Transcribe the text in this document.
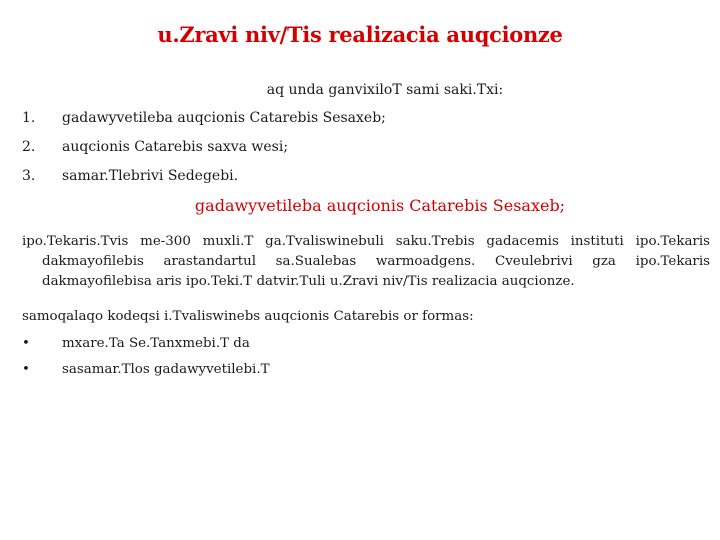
u.Zravi niv/Tis realizacia auqcionze
aq unda ganvixiloT sami saki.Txi:
1. gadawyvetileba auqcionis Catarebis Sesaxeb;
2. auqcionis Catarebis saxva wesi;
3. samar.Tlebrivi Sedegebi.
gadawyvetileba auqcionis Catarebis Sesaxeb;
ipo.Tekaris.Tvis me-300 muxli.T ga.Tvaliswinebuli saku.Trebis gadacemis instituti ipo.Tekaris dakmayofilebis arastandartul sa.Sualebas warmoadgens. Cveulebrivi gza ipo.Tekaris dakmayofilebisa aris ipo.Teki.T datvir.Tuli u.Zravi niv/Tis realizacia auqcionze.
samoqalaqo kodeqsi i.Tvaliswinebs auqcionis Catarebis or formas:
• mxare.Ta Se.Tanxmebi.T da
• sasamar.Tlos gadawyvetilebi.T
